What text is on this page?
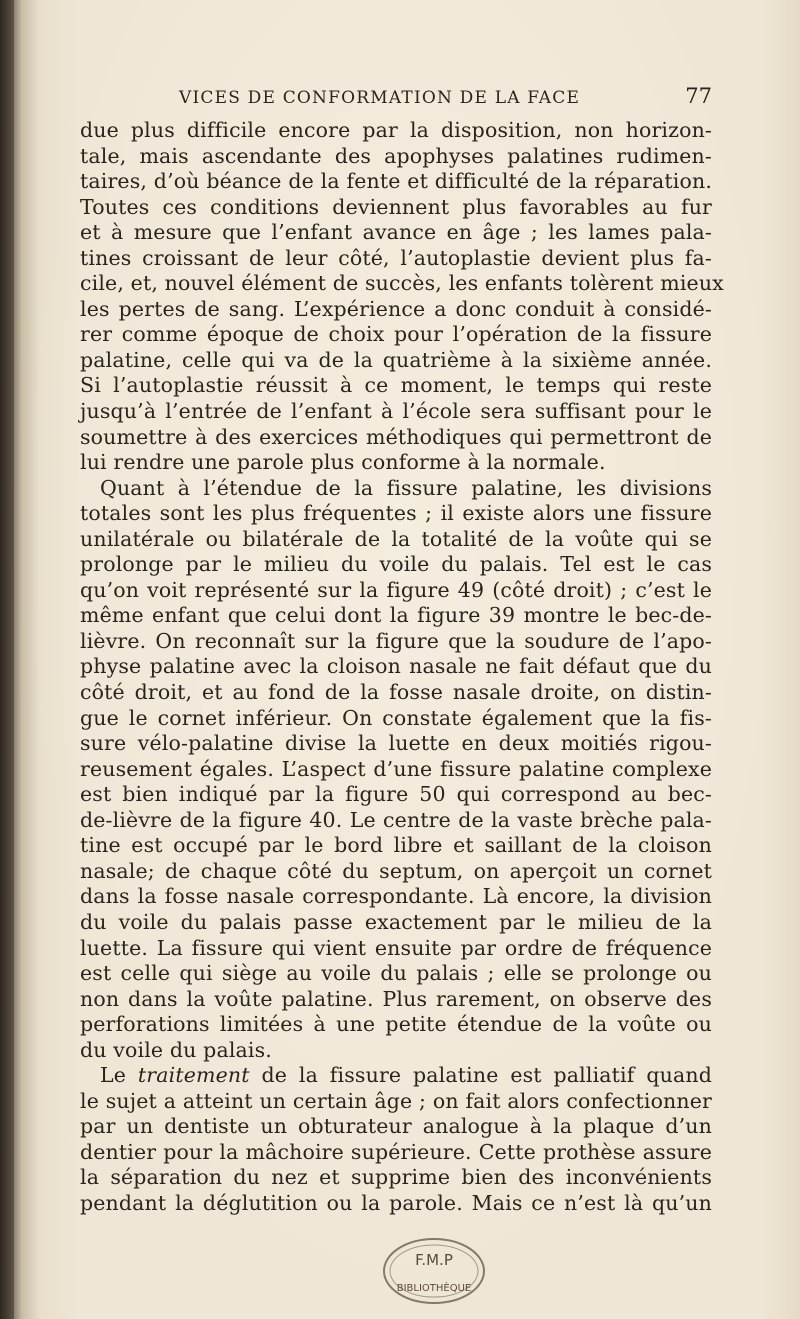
VICES DE CONFORMATION DE LA FACE	77
due plus difficile encore par la disposition, non horizon-
tale, mais ascendante des apophyses palatines rudimen-
taires, d’où béance de la fente et difficulté de la réparation.
Toutes ces conditions deviennent plus favorables au fur
et à mesure que l’enfant avance en âge ; les lames pala-
tines croissant de leur côté, l’autoplastie devient plus fa-
cile, et, nouvel élément de succès, les enfants tolèrent mieux
les pertes de sang. L’expérience a donc conduit à considé-
rer comme époque de choix pour l’opération de la fissure
palatine, celle qui va de la quatrième à la sixième année.
Si l’autoplastie réussit à ce moment, le temps qui reste
jusqu’à l’entrée de l’enfant à l’école sera suffisant pour le
soumettre à des exercices méthodiques qui permettront de
lui rendre une parole plus conforme à la normale.
Quant à l’étendue de la fissure palatine, les divisions
totales sont les plus fréquentes ; il existe alors une fissure
unilatérale ou bilatérale de la totalité de la voûte qui se
prolonge par le milieu du voile du palais. Tel est le cas
qu’on voit représenté sur la figure 49 (côté droit) ; c’est le
même enfant que celui dont la figure 39 montre le bec-de-
lièvre. On reconnaît sur la figure que la soudure de l’apo-
physe palatine avec la cloison nasale ne fait défaut que du
côté droit, et au fond de la fosse nasale droite, on distin-
gue le cornet inférieur. On constate également que la fis-
sure vélo-palatine divise la luette en deux moitiés rigou-
reusement égales. L’aspect d’une fissure palatine complexe
est bien indiqué par la figure 50 qui correspond au bec-
de-lièvre de la figure 40. Le centre de la vaste brèche pala-
tine est occupé par le bord libre et saillant de la cloison
nasale; de chaque côté du septum, on aperçoit un cornet
dans la fosse nasale correspondante. Là encore, la division
du voile du palais passe exactement par le milieu de la
luette. La fissure qui vient ensuite par ordre de fréquence
est celle qui siège au voile du palais ; elle se prolonge ou
non dans la voûte palatine. Plus rarement, on observe des
perforations limitées à une petite étendue de la voûte ou
du voile du palais.
Le traitement de la fissure palatine est palliatif quand
le sujet a atteint un certain âge ; on fait alors confectionner
par un dentiste un obturateur analogue à la plaque d’un
dentier pour la mâchoire supérieure. Cette prothèse assure
la séparation du nez et supprime bien des inconvénients
pendant la déglutition ou la parole. Mais ce n’est là qu’un
F.M.P
BIBLIOTHÈQUE
